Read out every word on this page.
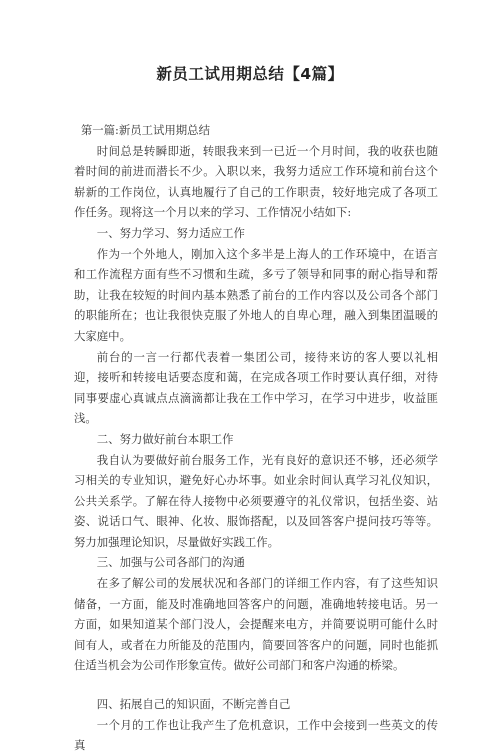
新员工试用期总结【4篇】

第一篇:新员工试用期总结

时间总是转瞬即逝，转眼我来到一已近一个月时间，我的收获也随着时间的前进而潜长不少。入职以来，我努力适应工作环境和前台这个崭新的工作岗位，认真地履行了自己的工作职责，较好地完成了各项工作任务。现将这一个月以来的学习、工作情况小结如下:

一、努力学习、努力适应工作

作为一个外地人，刚加入这个多半是上海人的工作环境中，在语言和工作流程方面有些不习惯和生疏，多亏了领导和同事的耐心指导和帮助，让我在较短的时间内基本熟悉了前台的工作内容以及公司各个部门的职能所在；也让我很快克服了外地人的自卑心理，融入到集团温暖的大家庭中。

前台的一言一行都代表着一集团公司，接待来访的客人要以礼相迎，接听和转接电话要态度和蔼，在完成各项工作时要认真仔细，对待同事要虚心真诚点点滴滴都让我在工作中学习，在学习中进步，收益匪浅。

二、努力做好前台本职工作

我自认为要做好前台服务工作，光有良好的意识还不够，还必须学习相关的专业知识，避免好心办坏事。如业余时间认真学习礼仪知识，公共关系学。了解在待人接物中必须要遵守的礼仪常识，包括坐姿、站姿、说话口气、眼神、化妆、服饰搭配，以及回答客户提问技巧等等。努力加强理论知识，尽量做好实践工作。

三、加强与公司各部门的沟通

在多了解公司的发展状况和各部门的详细工作内容，有了这些知识储备，一方面，能及时准确地回答客户的问题，准确地转接电话。另一方面，如果知道某个部门没人，会提醒来电方，并简要说明可能什么时间有人，或者在力所能及的范围内，简要回答客户的问题，同时也能抓住适当机会为公司作形象宣传。做好公司部门和客户沟通的桥梁。

四、拓展自己的知识面，不断完善自己

一个月的工作也让我产生了危机意识，工作中会接到一些英文的传真
